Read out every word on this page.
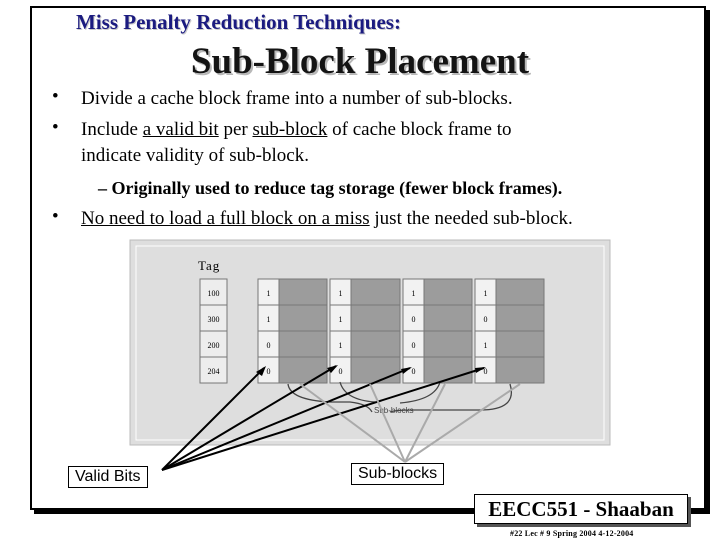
Miss Penalty Reduction Techniques:
Sub-Block Placement
• Divide a cache block frame into a number of sub-blocks.
• Include a valid bit per sub-block of cache block frame to
indicate validity of sub-block.
– Originally used to reduce tag storage (fewer block frames).
• No need to load a full block on a miss just the needed sub-block.
Tag
100	1	1	1	1
300	1	1	0	0
200	0	1	0	1
204	0	0	0	0
Sub-blocks
Valid Bits	Sub-blocks
EECC551 - Shaaban
#22 Lec # 9 Spring 2004 4-12-2004
